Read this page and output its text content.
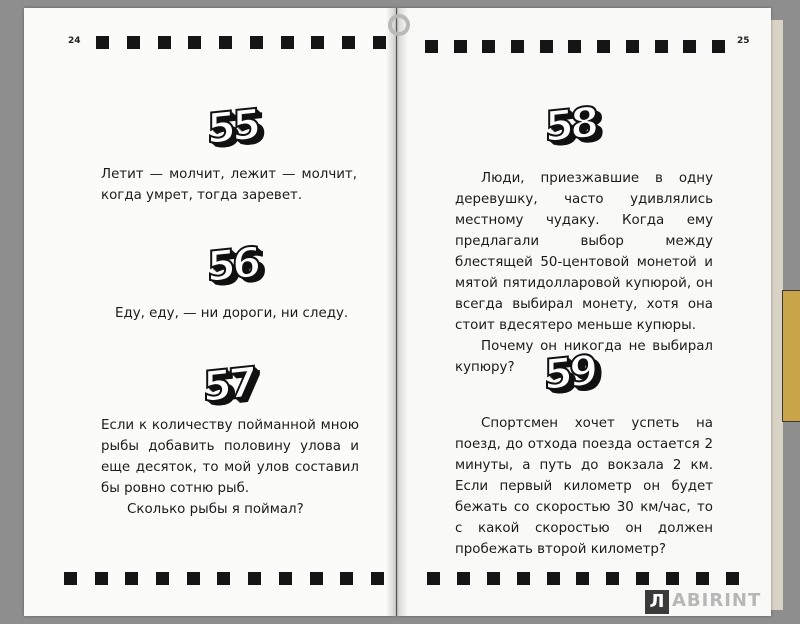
24
55

Летит — молчит, лежит — молчит, когда умрет, тогда заревет.

56

Еду, еду, — ни дороги, ни следу.

57

Если к количеству пойманной мною рыбы добавить половину улова и еще десяток, то мой улов составил бы ровно сотню рыб.

Сколько рыбы я поймал?

25
58

Люди, приезжавшие в одну деревушку, часто удивлялись местному чудаку. Когда ему предлагали выбор между блестящей 50-центовой монетой и мятой пятидолларовой купюрой, он всегда выбирал монету, хотя она стоит вдесятеро меньше купюры.

Почему он никогда не выбирал купюру? 59

Спортсмен хочет успеть на поезд, до отхода поезда остается 2 минуты, а путь до вокзала 2 км. Если первый километр он будет бежать со скоростью 30 км/час, то с какой скоростью он должен пробежать второй километр?

Л ABIRINT
